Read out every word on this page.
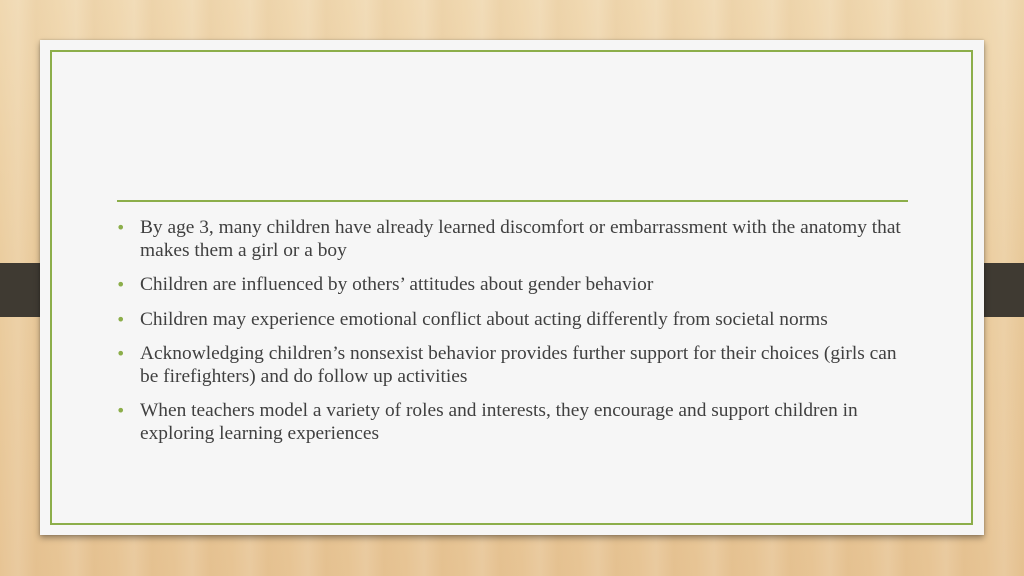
• By age 3, many children have already learned discomfort or embarrassment with the anatomy that makes them a girl or a boy
• Children are influenced by others’ attitudes about gender behavior
• Children may experience emotional conflict about acting differently from societal norms
• Acknowledging children’s nonsexist behavior provides further support for their choices (girls can be firefighters) and do follow up activities
• When teachers model a variety of roles and interests, they encourage and support children in exploring learning experiences
